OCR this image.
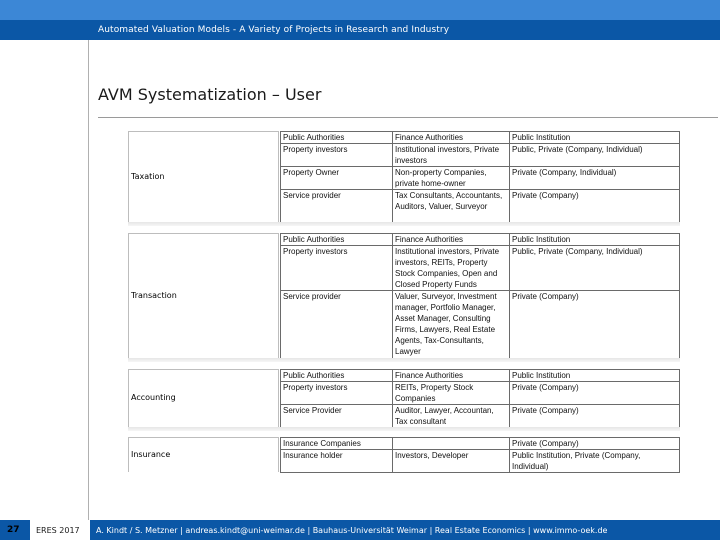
Automated Valuation Models - A Variety of Projects in Research and Industry
AVM Systematization – User
Taxation
Public Authorities	Finance Authorities	Public Institution
Property investors	Institutional investors, Private investors	Public, Private (Company, Individual)
Property Owner	Non-property Companies, private home-owner	Private (Company, Individual)
Service provider	Tax Consultants, Accountants, Auditors, Valuer, Surveyor	Private (Company)
Transaction
Public Authorities	Finance Authorities	Public Institution
Property investors	Institutional investors, Private investors, REITs, Property Stock Companies, Open and Closed Property Funds	Public, Private (Company, Individual)
Service provider	Valuer, Surveyor, Investment manager, Portfolio Manager, Asset Manager, Consulting Firms, Lawyers, Real Estate Agents, Tax-Consultants, Lawyer	Private (Company)
Accounting
Public Authorities	Finance Authorities	Public Institution
Property investors	REITs, Property Stock Companies	Private (Company)
Service Provider	Auditor, Lawyer, Accountan, Tax consultant	Private (Company)
Insurance
Insurance Companies		Private (Company)
Insurance holder	Investors, Developer	Public Institution, Private (Company, Individual)
27 ERES 2017 A. Kindt / S. Metzner | andreas.kindt@uni-weimar.de | Bauhaus-Universität Weimar | Real Estate Economics | www.immo-oek.de
